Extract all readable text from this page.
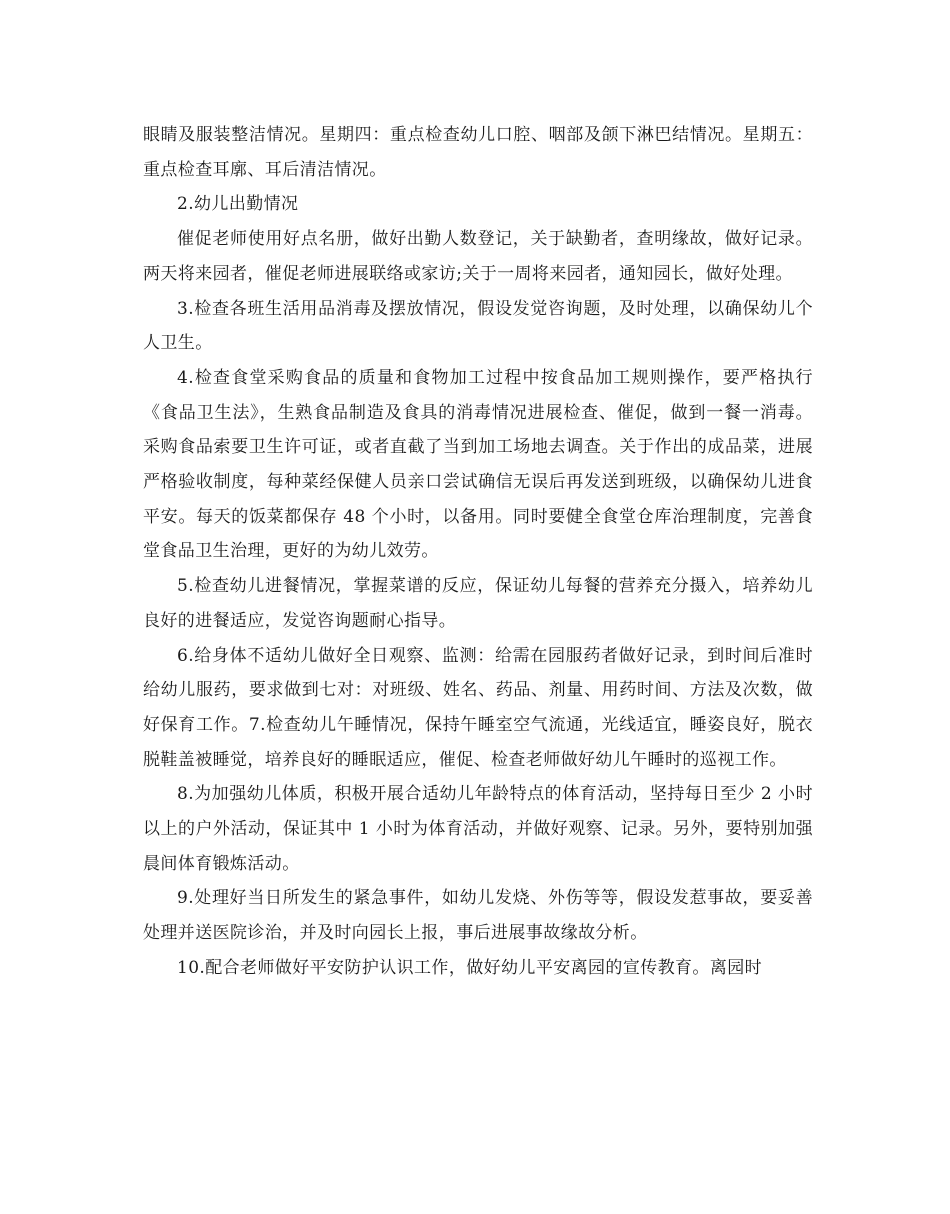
眼睛及服装整洁情况。星期四：重点检查幼儿口腔、咽部及颌下淋巴结情况。星期五：重点检查耳廓、耳后清洁情况。

2.幼儿出勤情况

催促老师使用好点名册，做好出勤人数登记，关于缺勤者，查明缘故，做好记录。两天将来园者，催促老师进展联络或家访;关于一周将来园者，通知园长，做好处理。

3.检查各班生活用品消毒及摆放情况，假设发觉咨询题，及时处理，以确保幼儿个人卫生。

4.检查食堂采购食品的质量和食物加工过程中按食品加工规则操作，要严格执行《食品卫生法》，生熟食品制造及食具的消毒情况进展检查、催促，做到一餐一消毒。采购食品索要卫生许可证，或者直截了当到加工场地去调查。关于作出的成品菜，进展严格验收制度，每种菜经保健人员亲口尝试确信无误后再发送到班级，以确保幼儿进食平安。每天的饭菜都保存 48 个小时，以备用。同时要健全食堂仓库治理制度，完善食堂食品卫生治理，更好的为幼儿效劳。

5.检查幼儿进餐情况，掌握菜谱的反应，保证幼儿每餐的营养充分摄入，培养幼儿良好的进餐适应，发觉咨询题耐心指导。

6.给身体不适幼儿做好全日观察、监测：给需在园服药者做好记录，到时间后准时给幼儿服药，要求做到七对：对班级、姓名、药品、剂量、用药时间、方法及次数，做好保育工作。7.检查幼儿午睡情况，保持午睡室空气流通，光线适宜，睡姿良好，脱衣脱鞋盖被睡觉，培养良好的睡眠适应，催促、检查老师做好幼儿午睡时的巡视工作。

8.为加强幼儿体质，积极开展合适幼儿年龄特点的体育活动，坚持每日至少 2 小时以上的户外活动，保证其中 1 小时为体育活动，并做好观察、记录。另外，要特别加强晨间体育锻炼活动。

9.处理好当日所发生的紧急事件，如幼儿发烧、外伤等等，假设发惹事故，要妥善处理并送医院诊治，并及时向园长上报，事后进展事故缘故分析。

10.配合老师做好平安防护认识工作，做好幼儿平安离园的宣传教育。离园时
